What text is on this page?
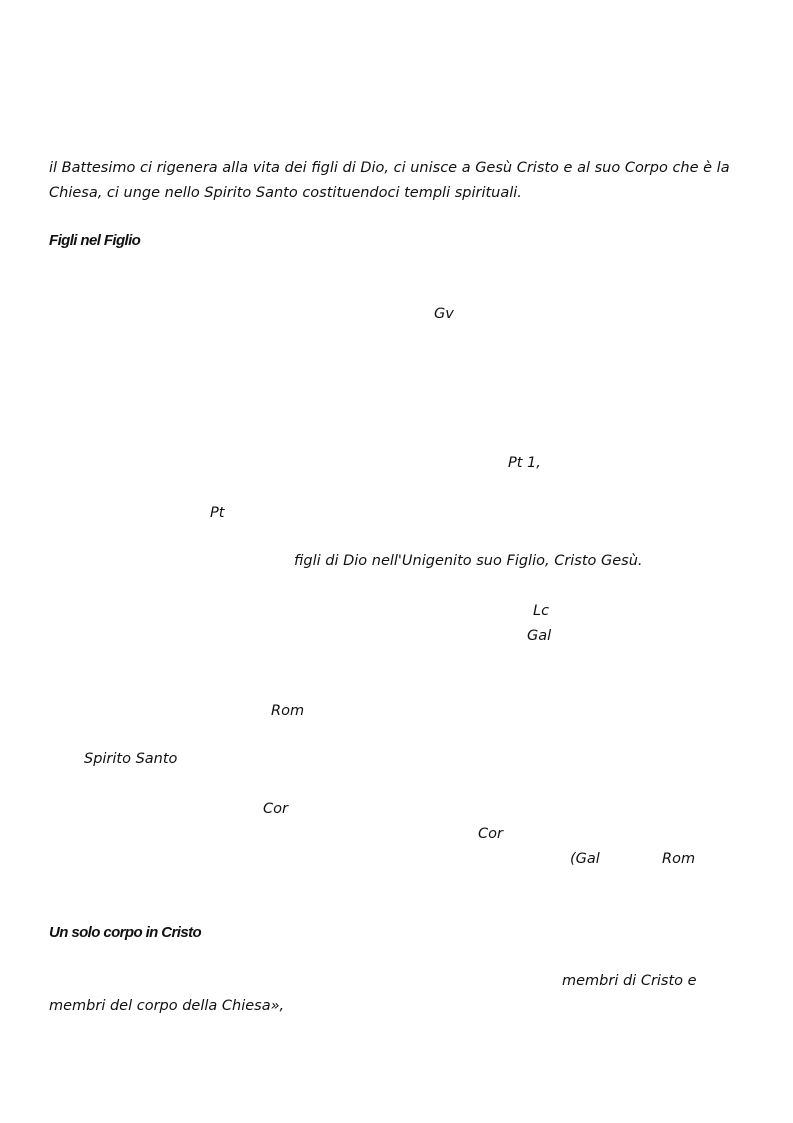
il Battesimo ci rigenera alla vita dei figli di Dio, ci unisce a Gesù Cristo e al suo Corpo che è la
Chiesa, ci unge nello Spirito Santo costituendoci templi spirituali.
Figli nel Figlio
Gv
Pt 1,
Pt
figli di Dio nell'Unigenito suo Figlio, Cristo Gesù.
Lc
Gal
Rom
Spirito Santo
Cor
Cor
(Gal	Rom
Un solo corpo in Cristo
membri di Cristo e
membri del corpo della Chiesa»,
